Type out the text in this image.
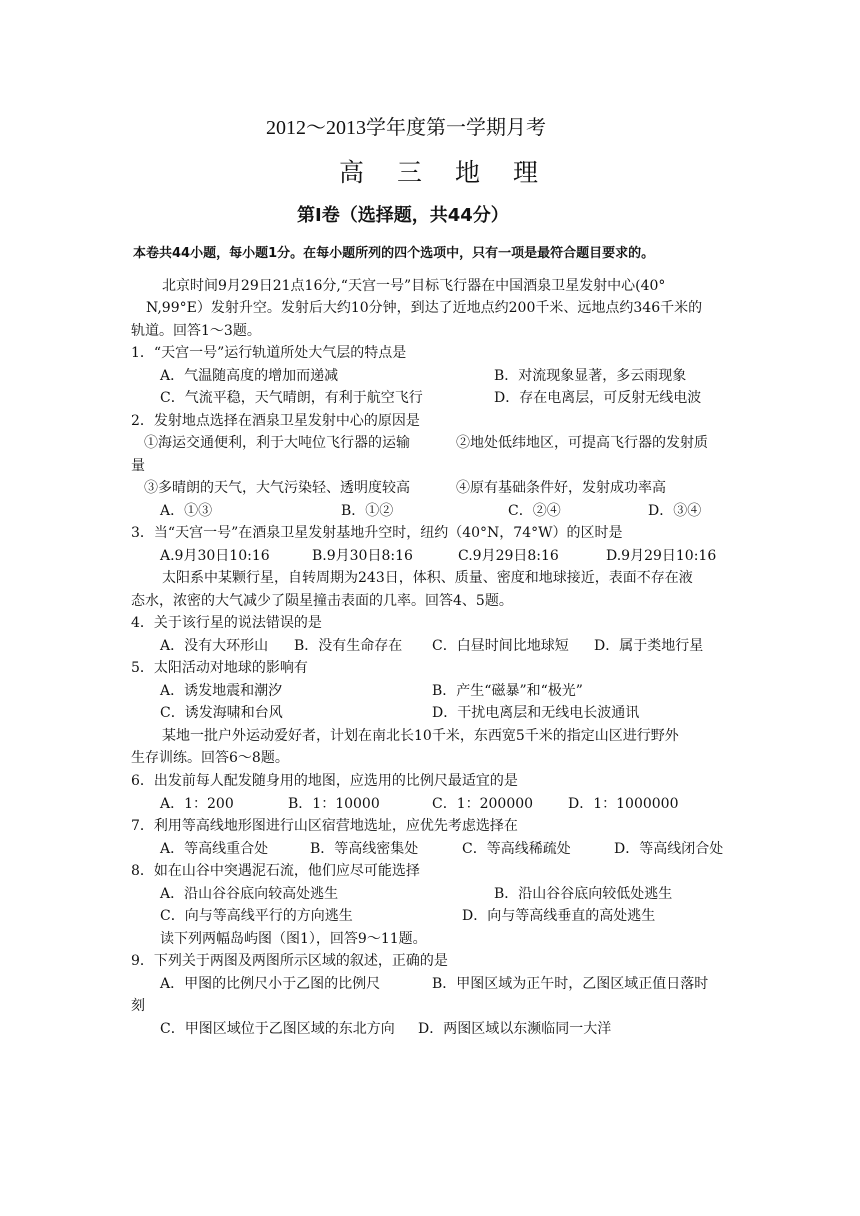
2012～2013学年度第一学期月考
高　三　地　理
第Ⅰ卷（选择题，共44分）
本卷共44小题，每小题1分。在每小题所列的四个选项中，只有一项是最符合题目要求的。
北京时间9月29日21点16分,“天宫一号”目标飞行器在中国酒泉卫星发射中心(40°
N,99°E）发射升空。发射后大约10分钟，到达了近地点约200千米、远地点约346千米的
轨道。回答1～3题。
1．“天宫一号”运行轨道所处大气层的特点是
A．气温随高度的增加而递减	B．对流现象显著，多云雨现象
C．气流平稳，天气晴朗，有利于航空飞行	D．存在电离层，可反射无线电波
2．发射地点选择在酒泉卫星发射中心的原因是
①海运交通便利，利于大吨位飞行器的运输	②地处低纬地区，可提高飞行器的发射质
量
③多晴朗的天气，大气污染轻、透明度较高	④原有基础条件好，发射成功率高
A．①③	B．①②	C．②④	D．③④
3．当“天宫一号”在酒泉卫星发射基地升空时，纽约（40°N，74°W）的区时是
A.9月30日10:16	B.9月30日8:16	C.9月29日8:16	D.9月29日10:16
太阳系中某颗行星，自转周期为243日，体积、质量、密度和地球接近，表面不存在液
态水，浓密的大气减少了陨星撞击表面的几率。回答4、5题。
4．关于该行星的说法错误的是
A．没有大环形山 B．没有生命存在 C．白昼时间比地球短 D．属于类地行星
5．太阳活动对地球的影响有
A．诱发地震和潮汐	B．产生“磁暴”和“极光”
C．诱发海啸和台风	D．干扰电离层和无线电长波通讯
某地一批户外运动爱好者，计划在南北长10千米，东西宽5千米的指定山区进行野外
生存训练。回答6～8题。
6．出发前每人配发随身用的地图，应选用的比例尺最适宜的是
A．1：200	B．1：10000	C．1：200000 D．1：1000000
7．利用等高线地形图进行山区宿营地选址，应优先考虑选择在
A．等高线重合处	B．等高线密集处	C．等高线稀疏处	D．等高线闭合处
8．如在山谷中突遇泥石流，他们应尽可能选择
A．沿山谷谷底向较高处逃生	B．沿山谷谷底向较低处逃生
C．向与等高线平行的方向逃生	D．向与等高线垂直的高处逃生
读下列两幅岛屿图（图1），回答9～11题。
9．下列关于两图及两图所示区域的叙述，正确的是
A．甲图的比例尺小于乙图的比例尺	B．甲图区域为正午时，乙图区域正值日落时
刻
C．甲图区域位于乙图区域的东北方向 D．两图区域以东濒临同一大洋
